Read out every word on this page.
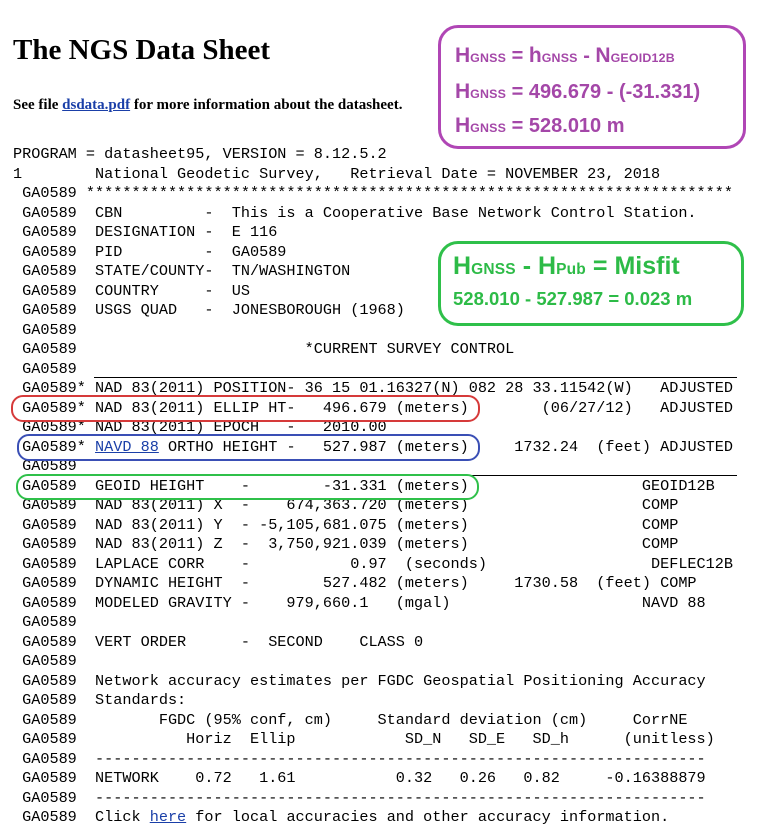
The NGS Data Sheet
See file dsdata.pdf for more information about the datasheet.
PROGRAM = datasheet95, VERSION = 8.12.5.2
1        National Geodetic Survey,   Retrieval Date = NOVEMBER 23, 2018
GA0589 ***********************************************************************
GA0589  CBN         -  This is a Cooperative Base Network Control Station.
GA0589  DESIGNATION -  E 116
GA0589  PID         -  GA0589
GA0589  STATE/COUNTY-  TN/WASHINGTON
GA0589  COUNTRY     -  US
GA0589  USGS QUAD   -  JONESBOROUGH (1968)
GA0589
GA0589                         *CURRENT SURVEY CONTROL
GA0589
GA0589* NAD 83(2011) POSITION- 36 15 01.16327(N) 082 28 33.11542(W)   ADJUSTED
GA0589* NAD 83(2011) ELLIP HT-   496.679 (meters)        (06/27/12)   ADJUSTED
GA0589* NAD 83(2011) EPOCH   -   2010.00
GA0589* NAVD 88 ORTHO HEIGHT -   527.987 (meters)     1732.24  (feet) ADJUSTED
GA0589
GA0589  GEOID HEIGHT    -        -31.331 (meters)                   GEOID12B
GA0589  NAD 83(2011) X  -    674,363.720 (meters)                   COMP
GA0589  NAD 83(2011) Y  - -5,105,681.075 (meters)                   COMP
GA0589  NAD 83(2011) Z  -  3,750,921.039 (meters)                   COMP
GA0589  LAPLACE CORR    -           0.97  (seconds)                  DEFLEC12B
GA0589  DYNAMIC HEIGHT  -        527.482 (meters)     1730.58  (feet) COMP
GA0589  MODELED GRAVITY -    979,660.1   (mgal)                     NAVD 88
GA0589
GA0589  VERT ORDER      -  SECOND    CLASS 0
GA0589
GA0589  Network accuracy estimates per FGDC Geospatial Positioning Accuracy
GA0589  Standards:
GA0589         FGDC (95% conf, cm)     Standard deviation (cm)     CorrNE
GA0589            Horiz  Ellip            SD_N   SD_E   SD_h      (unitless)
GA0589  -------------------------------------------------------------------
GA0589  NETWORK    0.72   1.61           0.32   0.26   0.82     -0.16388879
GA0589  -------------------------------------------------------------------
GA0589  Click here for local accuracies and other accuracy information.
HGNSS = hGNSS - NGEOID12B
HGNSS = 496.679 - (-31.331)
HGNSS = 528.010 m
HGNSS - HPub = Misfit
528.010 - 527.987 = 0.023 m
